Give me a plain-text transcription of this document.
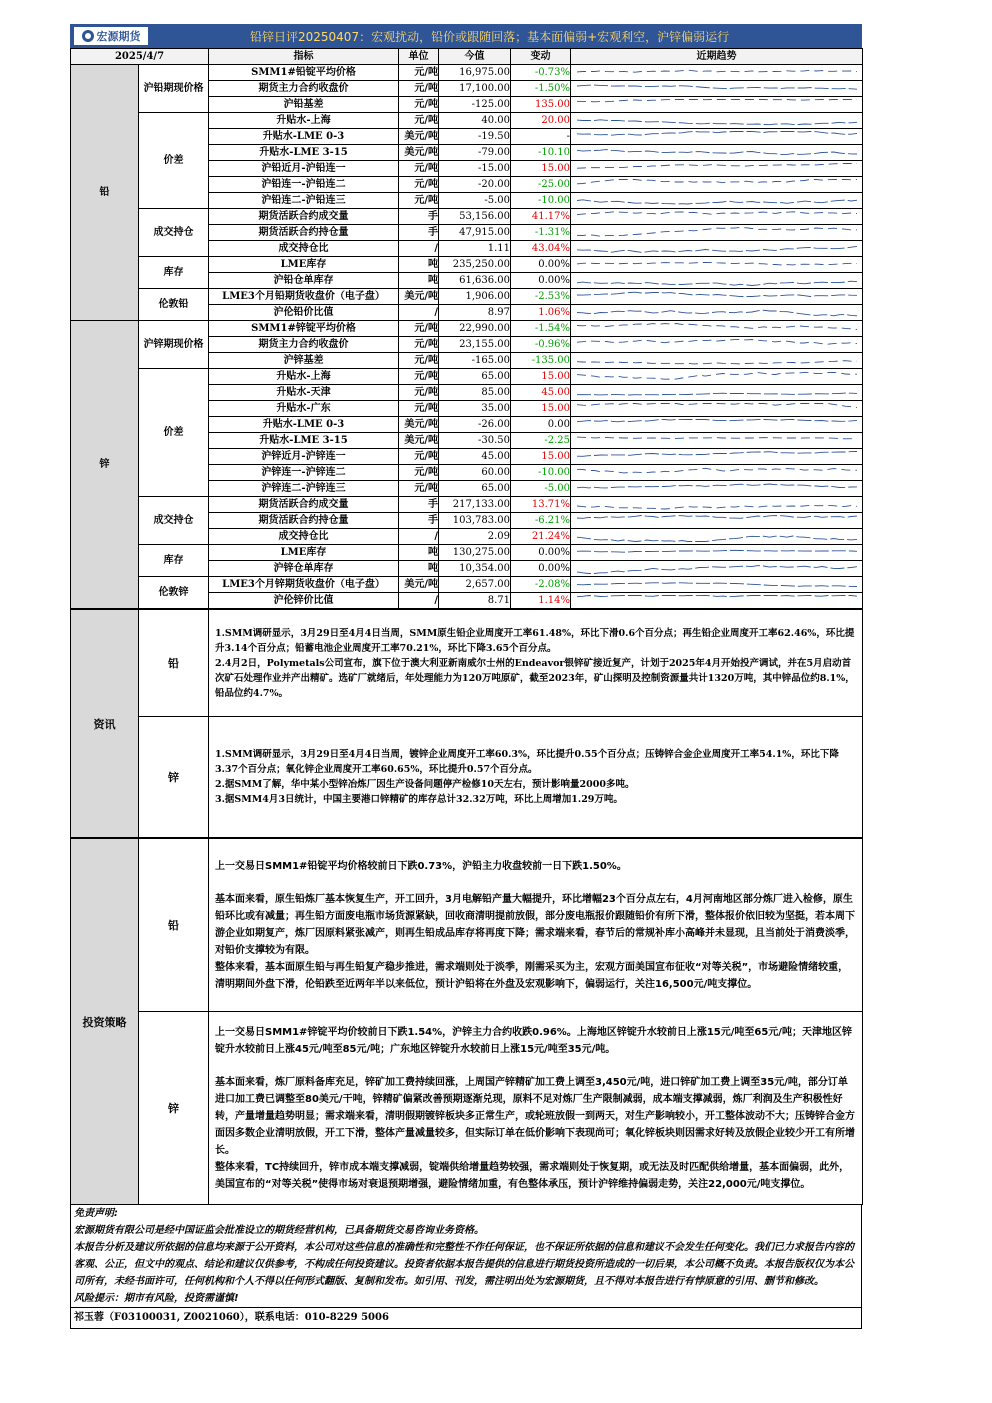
宏源期货	铅锌日评20250407：宏观扰动，铅价或跟随回落；基本面偏弱+宏观利空，沪锌偏弱运行
2025/4/7		指标	单位	今值	变动	近期趋势
铅	沪铅期现价格	SMM1#铅锭平均价格	元/吨	16,975.00	-0.73%	

		期货主力合约收盘价	元/吨	17,100.00	-1.50%	

		沪铅基差	元/吨	-125.00	135.00	

	价差	升贴水-上海	元/吨	40.00	20.00	

		升贴水-LME 0-3	美元/吨	-19.50	-	

		升贴水-LME 3-15	美元/吨	-79.00	-10.10	

		沪铅近月-沪铅连一	元/吨	-15.00	15.00	

		沪铅连一-沪铅连二	元/吨	-20.00	-25.00	

		沪铅连二-沪铅连三	元/吨	-5.00	-10.00	

	成交持仓	期货活跃合约成交量	手	53,156.00	41.17%	

		期货活跃合约持仓量	手	47,915.00	-1.31%	

		成交持仓比	/	1.11	43.04%	

	库存	LME库存	吨	235,250.00	0.00%	

		沪铅仓单库存	吨	61,636.00	0.00%	

	伦敦铅	LME3个月铅期货收盘价（电子盘）	美元/吨	1,906.00	-2.53%	

		沪伦铅价比值	/	8.97	1.06%	

锌	沪锌期现价格	SMM1#锌锭平均价格	元/吨	22,990.00	-1.54%	

		期货主力合约收盘价	元/吨	23,155.00	-0.96%	

		沪锌基差	元/吨	-165.00	-135.00	

	价差	升贴水-上海	元/吨	65.00	15.00	

		升贴水-天津	元/吨	85.00	45.00	

		升贴水-广东	元/吨	35.00	15.00	

		升贴水-LME 0-3	美元/吨	-26.00	0.00	

		升贴水-LME 3-15	美元/吨	-30.50	-2.25	

		沪锌近月-沪锌连一	元/吨	45.00	15.00	

		沪锌连一-沪锌连二	元/吨	60.00	-10.00	

		沪锌连二-沪锌连三	元/吨	65.00	-5.00	

	成交持仓	期货活跃合约成交量	手	217,133.00	13.71%	

		期货活跃合约持仓量	手	103,783.00	-6.21%	

		成交持仓比	/	2.09	21.24%	

	库存	LME库存	吨	130,275.00	0.00%	

		沪锌仓单库存	吨	10,354.00	0.00%	

	伦敦锌	LME3个月锌期货收盘价（电子盘）	美元/吨	2,657.00	-2.08%	

		沪伦锌价比值	/	8.71	1.14%	
资讯	铅	1.SMM调研显示，3月29日至4月4日当周，SMM原生铅企业周度开工率61.48%，环比下滑0.6个百分点；再生铅企业周度开工率62.46%，环比提升3.14个百分点；铅蓄电池企业周度开工率70.21%，环比下降3.65个百分点。

2.4月2日，Polymetals公司宣布，旗下位于澳大利亚新南威尔士州的Endeavor银锌矿接近复产，计划于2025年4月开始投产调试，并在5月启动首次矿石处理作业并产出精矿。选矿厂就绪后，年处理能力为120万吨原矿，截至2023年，矿山探明及控制资源量共计1320万吨，其中锌品位约8.1%，铅品位约4.7%。

	锌	1.SMM调研显示，3月29日至4月4日当周，镀锌企业周度开工率60.3%，环比提升0.55个百分点；压铸锌合金企业周度开工率54.1%，环比下降3.37个百分点；氧化锌企业周度开工率60.65%，环比提升0.57个百分点。

2.据SMM了解，华中某小型锌冶炼厂因生产设备问题停产检修10天左右，预计影响量2000多吨。

3.据SMM4月3日统计，中国主要港口锌精矿的库存总计32.32万吨，环比上周增加1.29万吨。

投资策略	铅	上一交易日SMM1#铅锭平均价格较前日下跌0.73%，沪铅主力收盘较前一日下跌1.50%。

基本面来看，原生铅炼厂基本恢复生产，开工回升，3月电解铅产量大幅提升，环比增幅23个百分点左右，4月河南地区部分炼厂进入检修，原生铅环比或有减量；再生铅方面废电瓶市场货源紧缺，回收商清明提前放假，部分废电瓶报价跟随铅价有所下滑，整体报价依旧较为坚挺，若本周下游企业如期复产，炼厂因原料紧张减产，则再生铅成品库存将再度下降；需求端来看，春节后的常规补库小高峰并未显现，且当前处于消费淡季，对铅价支撑较为有限。

整体来看，基本面原生铅与再生铅复产稳步推进，需求端则处于淡季，刚需采买为主，宏观方面美国宣布征收“对等关税”，市场避险情绪较重，清明期间外盘下滑，伦铅跌至近两年半以来低位，预计沪铅将在外盘及宏观影响下，偏弱运行，关注16,500元/吨支撑位。

	锌	上一交易日SMM1#锌锭平均价较前日下跌1.54%，沪锌主力合约收跌0.96%。上海地区锌锭升水较前日上涨15元/吨至65元/吨；天津地区锌锭升水较前日上涨45元/吨至85元/吨；广东地区锌锭升水较前日上涨15元/吨至35元/吨。

基本面来看，炼厂原料备库充足，锌矿加工费持续回涨，上周国产锌精矿加工费上调至3,450元/吨，进口锌矿加工费上调至35元/吨，部分订单进口加工费已调整至80美元/干吨，锌精矿偏紧改善预期逐渐兑现，原料不足对炼厂生产限制减弱，成本端支撑减弱，炼厂利润及生产积极性好转，产量增量趋势明显；需求端来看，清明假期镀锌板块多正常生产，或轮班放假一到两天，对生产影响较小，开工整体波动不大；压铸锌合金方面因多数企业清明放假，开工下滑，整体产量减量较多，但实际订单在低价影响下表现尚可；氧化锌板块则因需求好转及放假企业较少开工有所增长。

整体来看，TC持续回升，锌市成本端支撑减弱，锭端供给增量趋势较强，需求端则处于恢复期，或无法及时匹配供给增量，基本面偏弱，此外，美国宣布的“对等关税”使得市场对衰退预期增强，避险情绪加重，有色整体承压，预计沪锌维持偏弱走势，关注22,000元/吨支撑位。

免责声明:

宏源期货有限公司是经中国证监会批准设立的期货经营机构，已具备期货交易咨询业务资格。

本报告分析及建议所依据的信息均来源于公开资料，本公司对这些信息的准确性和完整性不作任何保证，也不保证所依据的信息和建议不会发生任何变化。我们已力求报告内容的客观、公正，但文中的观点、结论和建议仅供参考，不构成任何投资建议。投资者依据本报告提供的信息进行期货投资所造成的一切后果，本公司概不负责。本报告版权仅为本公司所有，未经书面许可，任何机构和个人不得以任何形式翻版、复制和发布。如引用、刊发，需注明出处为宏源期货，且不得对本报告进行有悖原意的引用、删节和修改。

风险提示：期市有风险，投资需谨慎!

祁玉蓉（F03100031, Z0021060），联系电话：010-8229 5006
